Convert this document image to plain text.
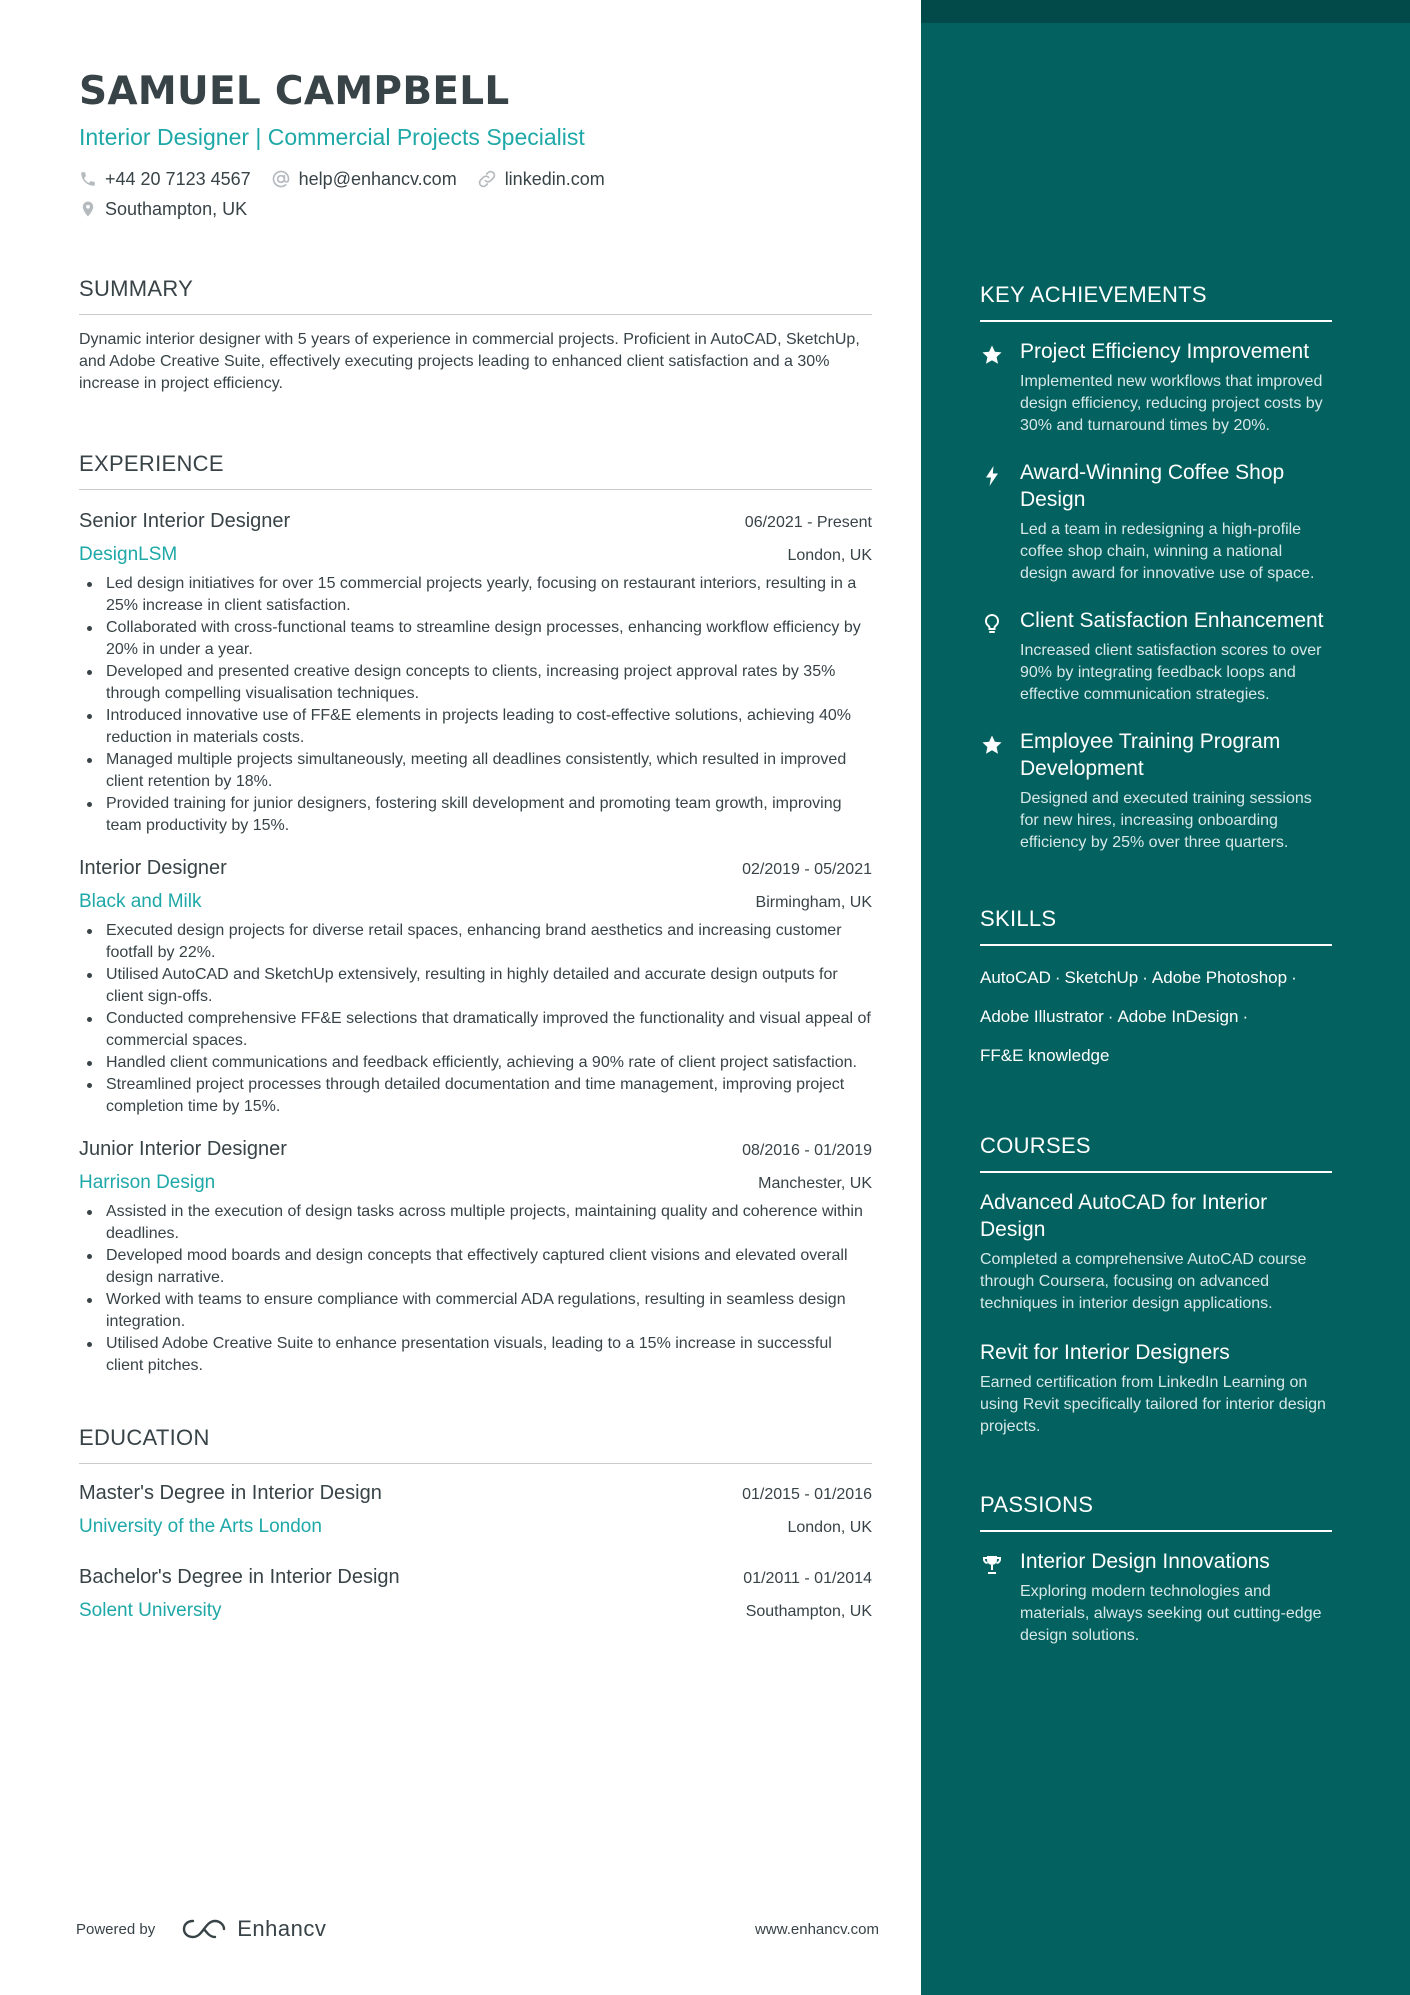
SAMUEL CAMPBELL
Interior Designer | Commercial Projects Specialist
+44 20 7123 4567	help@enhancv.com	linkedin.com
Southampton, UK
SUMMARY

Dynamic interior designer with 5 years of experience in commercial projects. Proficient in AutoCAD, SketchUp, and Adobe Creative Suite, effectively executing projects leading to enhanced client satisfaction and a 30% increase in project efficiency.

EXPERIENCE
Senior Interior Designer	06/2021 - Present
DesignLSM	London, UK
Led design initiatives for over 15 commercial projects yearly, focusing on restaurant interiors, resulting in a 25% increase in client satisfaction.
Collaborated with cross-functional teams to streamline design processes, enhancing workflow efficiency by 20% in under a year.
Developed and presented creative design concepts to clients, increasing project approval rates by 35% through compelling visualisation techniques.
Introduced innovative use of FF&E elements in projects leading to cost-effective solutions, achieving 40% reduction in materials costs.
Managed multiple projects simultaneously, meeting all deadlines consistently, which resulted in improved client retention by 18%.
Provided training for junior designers, fostering skill development and promoting team growth, improving team productivity by 15%.
Interior Designer	02/2019 - 05/2021
Black and Milk	Birmingham, UK
Executed design projects for diverse retail spaces, enhancing brand aesthetics and increasing customer footfall by 22%.
Utilised AutoCAD and SketchUp extensively, resulting in highly detailed and accurate design outputs for client sign-offs.
Conducted comprehensive FF&E selections that dramatically improved the functionality and visual appeal of commercial spaces.
Handled client communications and feedback efficiently, achieving a 90% rate of client project satisfaction.
Streamlined project processes through detailed documentation and time management, improving project completion time by 15%.
Junior Interior Designer	08/2016 - 01/2019
Harrison Design	Manchester, UK
Assisted in the execution of design tasks across multiple projects, maintaining quality and coherence within deadlines.
Developed mood boards and design concepts that effectively captured client visions and elevated overall design narrative.
Worked with teams to ensure compliance with commercial ADA regulations, resulting in seamless design integration.
Utilised Adobe Creative Suite to enhance presentation visuals, leading to a 15% increase in successful client pitches.
EDUCATION
Master's Degree in Interior Design	01/2015 - 01/2016
University of the Arts London	London, UK
Bachelor's Degree in Interior Design	01/2011 - 01/2014
Solent University	Southampton, UK
Powered by	Enhancv	www.enhancv.com
KEY ACHIEVEMENTS
Project Efficiency Improvement
Implemented new workflows that improved design efficiency, reducing project costs by 30% and turnaround times by 20%.
Award-Winning Coffee Shop Design
Led a team in redesigning a high-profile coffee shop chain, winning a national design award for innovative use of space.
Client Satisfaction Enhancement
Increased client satisfaction scores to over 90% by integrating feedback loops and effective communication strategies.
Employee Training Program Development
Designed and executed training sessions for new hires, increasing onboarding efficiency by 25% over three quarters.
SKILLS
AutoCAD · SketchUp · Adobe Photoshop ·
Adobe Illustrator · Adobe InDesign ·
FF&E knowledge
COURSES
Advanced AutoCAD for Interior Design
Completed a comprehensive AutoCAD course through Coursera, focusing on advanced techniques in interior design applications.
Revit for Interior Designers
Earned certification from LinkedIn Learning on using Revit specifically tailored for interior design projects.
PASSIONS
Interior Design Innovations
Exploring modern technologies and materials, always seeking out cutting-edge design solutions.
